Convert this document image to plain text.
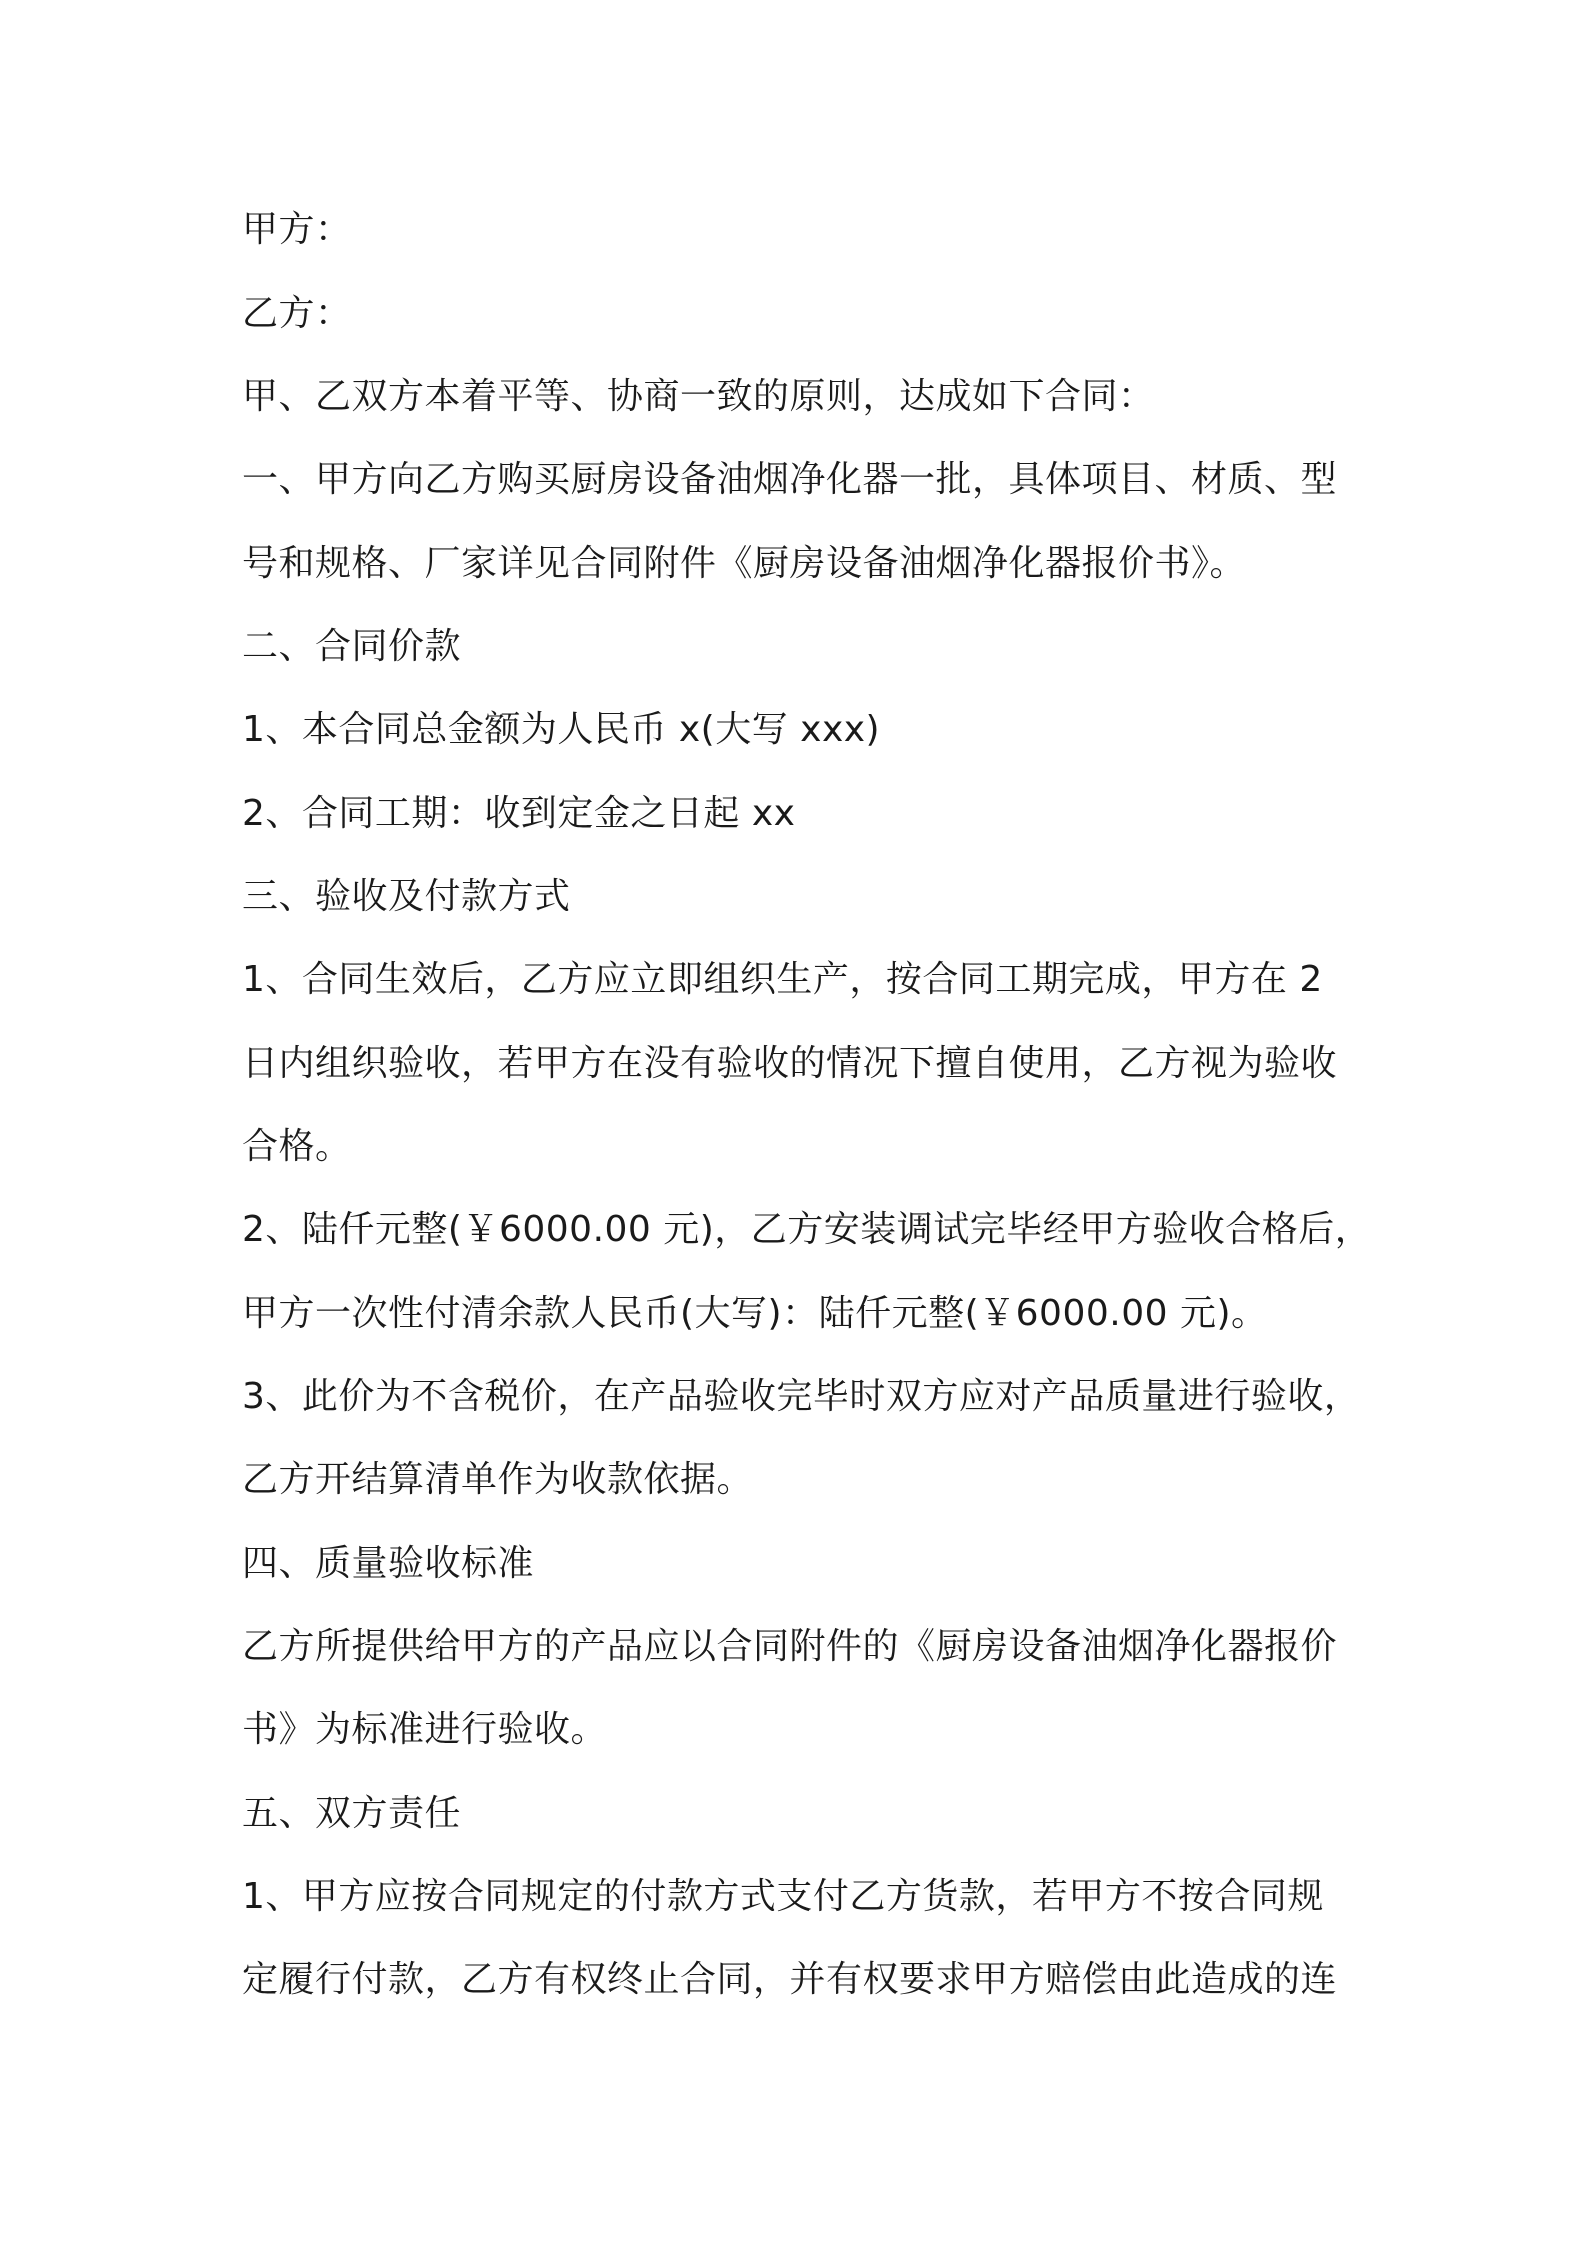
甲方：
乙方：
甲、乙双方本着平等、协商一致的原则，达成如下合同：
一、甲方向乙方购买厨房设备油烟净化器一批，具体项目、材质、型
号和规格、厂家详见合同附件《厨房设备油烟净化器报价书》。
二、合同价款
1、本合同总金额为人民币 x(大写 xxx)
2、合同工期：收到定金之日起 xx
三、验收及付款方式
1、合同生效后，乙方应立即组织生产，按合同工期完成，甲方在 2
日内组织验收，若甲方在没有验收的情况下擅自使用，乙方视为验收
合格。
2、陆仟元整(￥6000.00 元)，乙方安装调试完毕经甲方验收合格后，
甲方一次性付清余款人民币(大写)：陆仟元整(￥6000.00 元)。
3、此价为不含税价，在产品验收完毕时双方应对产品质量进行验收，
乙方开结算清单作为收款依据。
四、质量验收标准
乙方所提供给甲方的产品应以合同附件的《厨房设备油烟净化器报价
书》为标准进行验收。
五、双方责任
1、甲方应按合同规定的付款方式支付乙方货款，若甲方不按合同规
定履行付款，乙方有权终止合同，并有权要求甲方赔偿由此造成的连
